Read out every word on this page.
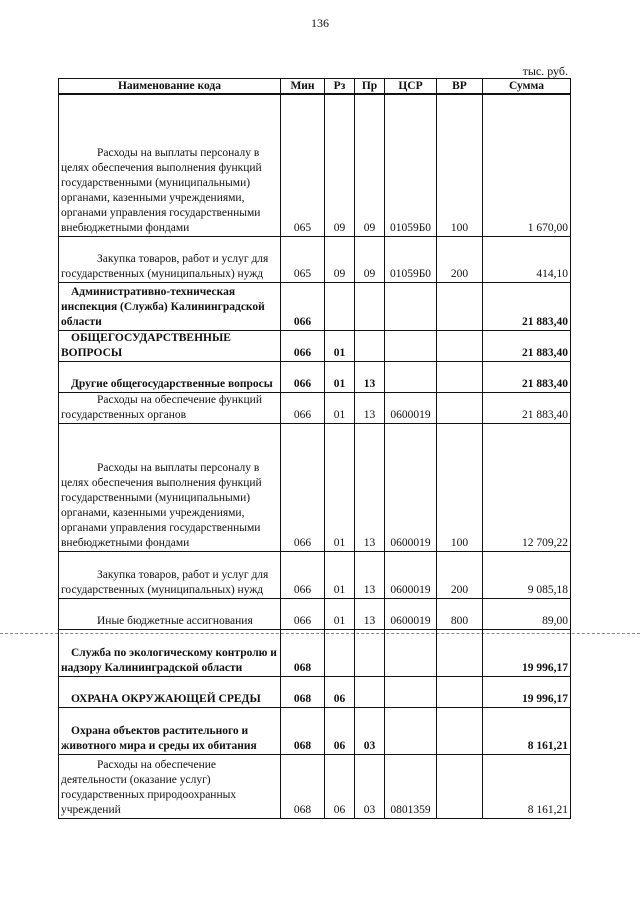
136
тыс. руб.
Наименование кода	Мин	Рз	Пр	ЦСР	ВР	Сумма

Расходы на выплаты персоналу в целях обеспечения выполнения функций государственными (муниципальными) органами, казенными учреждениями, органами управления государственными внебюджетными фондами	065	09	09	01059Б0	100	1 670,00

Закупка товаров, работ и услуг для государственных (муниципальных) нужд	065	09	09	01059Б0	200	414,10

Административно-техническая инспекция (Служба) Калининградской области	066					21 883,40

ОБЩЕГОСУДАРСТВЕННЫЕ ВОПРОСЫ	066	01				21 883,40

Другие общегосударственные вопросы	066	01	13			21 883,40

Расходы на обеспечение функций государственных органов	066	01	13	0600019		21 883,40

Расходы на выплаты персоналу в целях обеспечения выполнения функций государственными (муниципальными) органами, казенными учреждениями, органами управления государственными внебюджетными фондами	066	01	13	0600019	100	12 709,22

Закупка товаров, работ и услуг для государственных (муниципальных) нужд	066	01	13	0600019	200	9 085,18

Иные бюджетные ассигнования	066	01	13	0600019	800	89,00

Служба по экологическому контролю и надзору Калининградской области	068					19 996,17

ОХРАНА ОКРУЖАЮЩЕЙ СРЕДЫ	068	06				19 996,17

Охрана объектов растительного и животного мира и среды их обитания	068	06	03			8 161,21

Расходы на обеспечение деятельности (оказание услуг) государственных природоохранных учреждений	068	06	03	0801359		8 161,21
